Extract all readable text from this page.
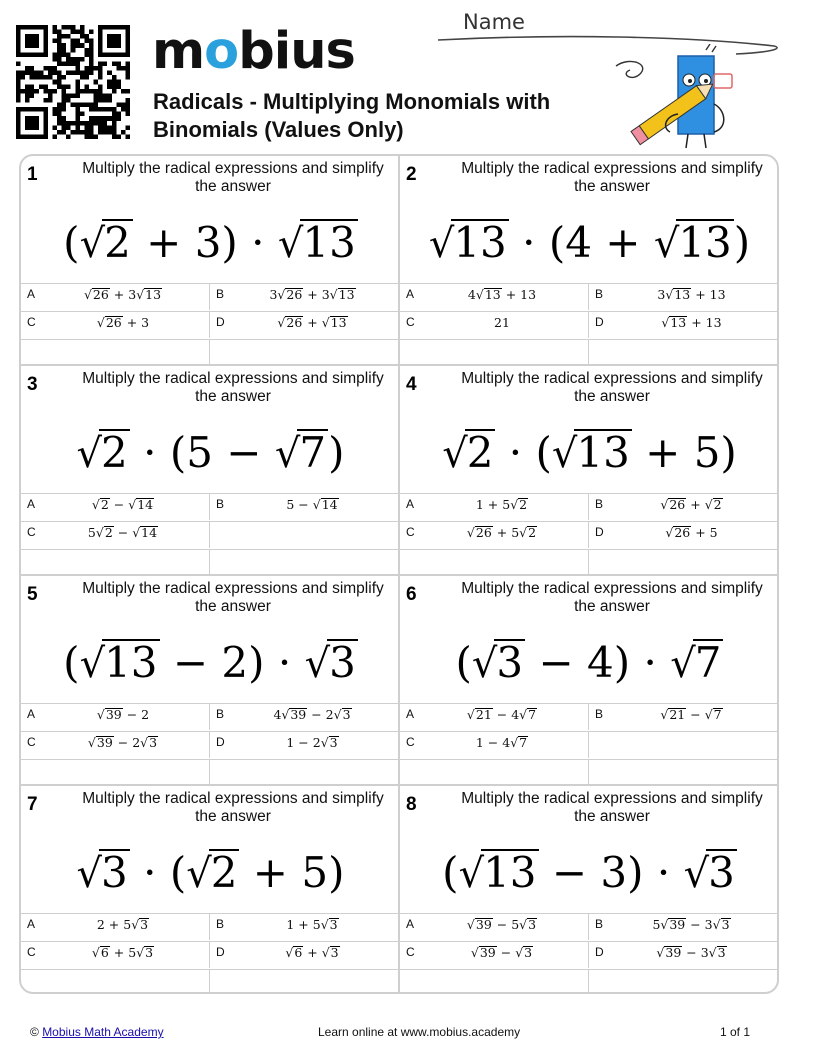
mobius
Radicals - Multiplying Monomials with Binomials (Values Only)
Name
1	Multiply the radical expressions and simplify the answer
(√2 + 3) · √13
A	√26 + 3√13	B	3√26 + 3√13
C	√26 + 3	D	√26 + √13
2	Multiply the radical expressions and simplify the answer
√13 · (4 + √13)
A	4√13 + 13	B	3√13 + 13
C	21	D	√13 + 13
3	Multiply the radical expressions and simplify the answer
√2 · (5 − √7)
A	√2 − √14	B	5 − √14
C	5√2 − √14
4	Multiply the radical expressions and simplify the answer
√2 · (√13 + 5)
A	1 + 5√2	B	√26 + √2
C	√26 + 5√2	D	√26 + 5
5	Multiply the radical expressions and simplify the answer
(√13 − 2) · √3
A	√39 − 2	B	4√39 − 2√3
C	√39 − 2√3	D	1 − 2√3
6	Multiply the radical expressions and simplify the answer
(√3 − 4) · √7
A	√21 − 4√7	B	√21 − √7
C	1 − 4√7
7	Multiply the radical expressions and simplify the answer
√3 · (√2 + 5)
A	2 + 5√3	B	1 + 5√3
C	√6 + 5√3	D	√6 + √3
8	Multiply the radical expressions and simplify the answer
(√13 − 3) · √3
A	√39 − 5√3	B	5√39 − 3√3
C	√39 − √3	D	√39 − 3√3
© Mobius Math Academy	Learn online at www.mobius.academy	1 of 1
